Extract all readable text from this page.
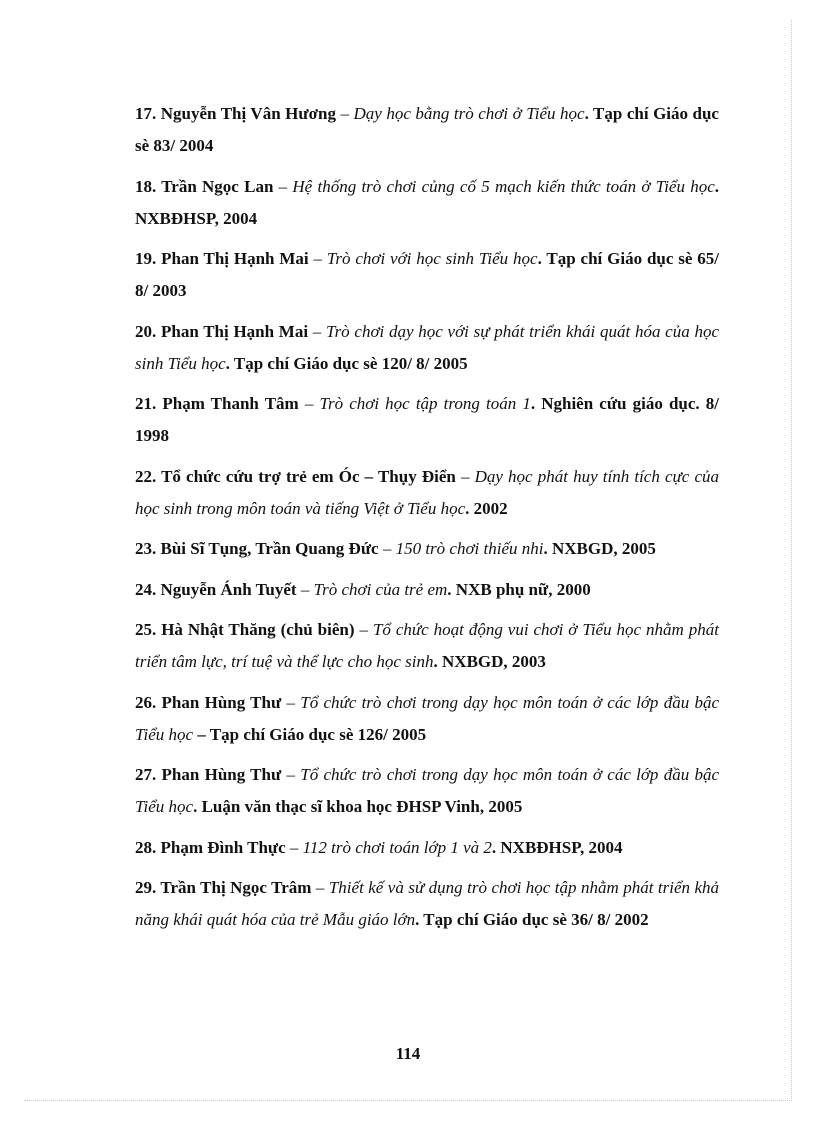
17. Nguyễn Thị Vân Hương – Dạy học bằng trò chơi ở Tiểu học. Tạp chí Giáo dục sè 83/ 2004
18. Trần Ngọc Lan – Hệ thống trò chơi củng cố 5 mạch kiến thức toán ở Tiểu học. NXBĐHSP, 2004
19. Phan Thị Hạnh Mai – Trò chơi với học sinh Tiểu học. Tạp chí Giáo dục sè 65/ 8/ 2003
20. Phan Thị Hạnh Mai – Trò chơi dạy học với sự phát triển khái quát hóa của học sinh Tiểu học. Tạp chí Giáo dục sè 120/ 8/ 2005
21. Phạm Thanh Tâm – Trò chơi học tập trong toán 1. Nghiên cứu giáo dục. 8/ 1998
22. Tổ chức cứu trợ trẻ em Óc – Thụy Điển – Dạy học phát huy tính tích cực của học sinh trong môn toán và tiếng Việt ở Tiểu học. 2002
23. Bùi Sĩ Tụng, Trần Quang Đức – 150 trò chơi thiếu nhi. NXBGD, 2005
24. Nguyễn Ánh Tuyết – Trò chơi của trẻ em. NXB phụ nữ, 2000
25. Hà Nhật Thăng (chủ biên) – Tổ chức hoạt động vui chơi ở Tiểu học nhằm phát triển tâm lực, trí tuệ và thể lực cho học sinh. NXBGD, 2003
26. Phan Hùng Thư – Tổ chức trò chơi trong dạy học môn toán ở các lớp đầu bậc Tiểu học – Tạp chí Giáo dục sè 126/ 2005
27. Phan Hùng Thư – Tổ chức trò chơi trong dạy học môn toán ở các lớp đầu bậc Tiểu học. Luận văn thạc sĩ khoa học ĐHSP Vinh, 2005
28. Phạm Đình Thực – 112 trò chơi toán lớp 1 và 2. NXBĐHSP, 2004
29. Trần Thị Ngọc Trâm – Thiết kế và sử dụng trò chơi học tập nhằm phát triển khả năng khái quát hóa của trẻ Mẫu giáo lớn. Tạp chí Giáo dục sè 36/ 8/ 2002
114
